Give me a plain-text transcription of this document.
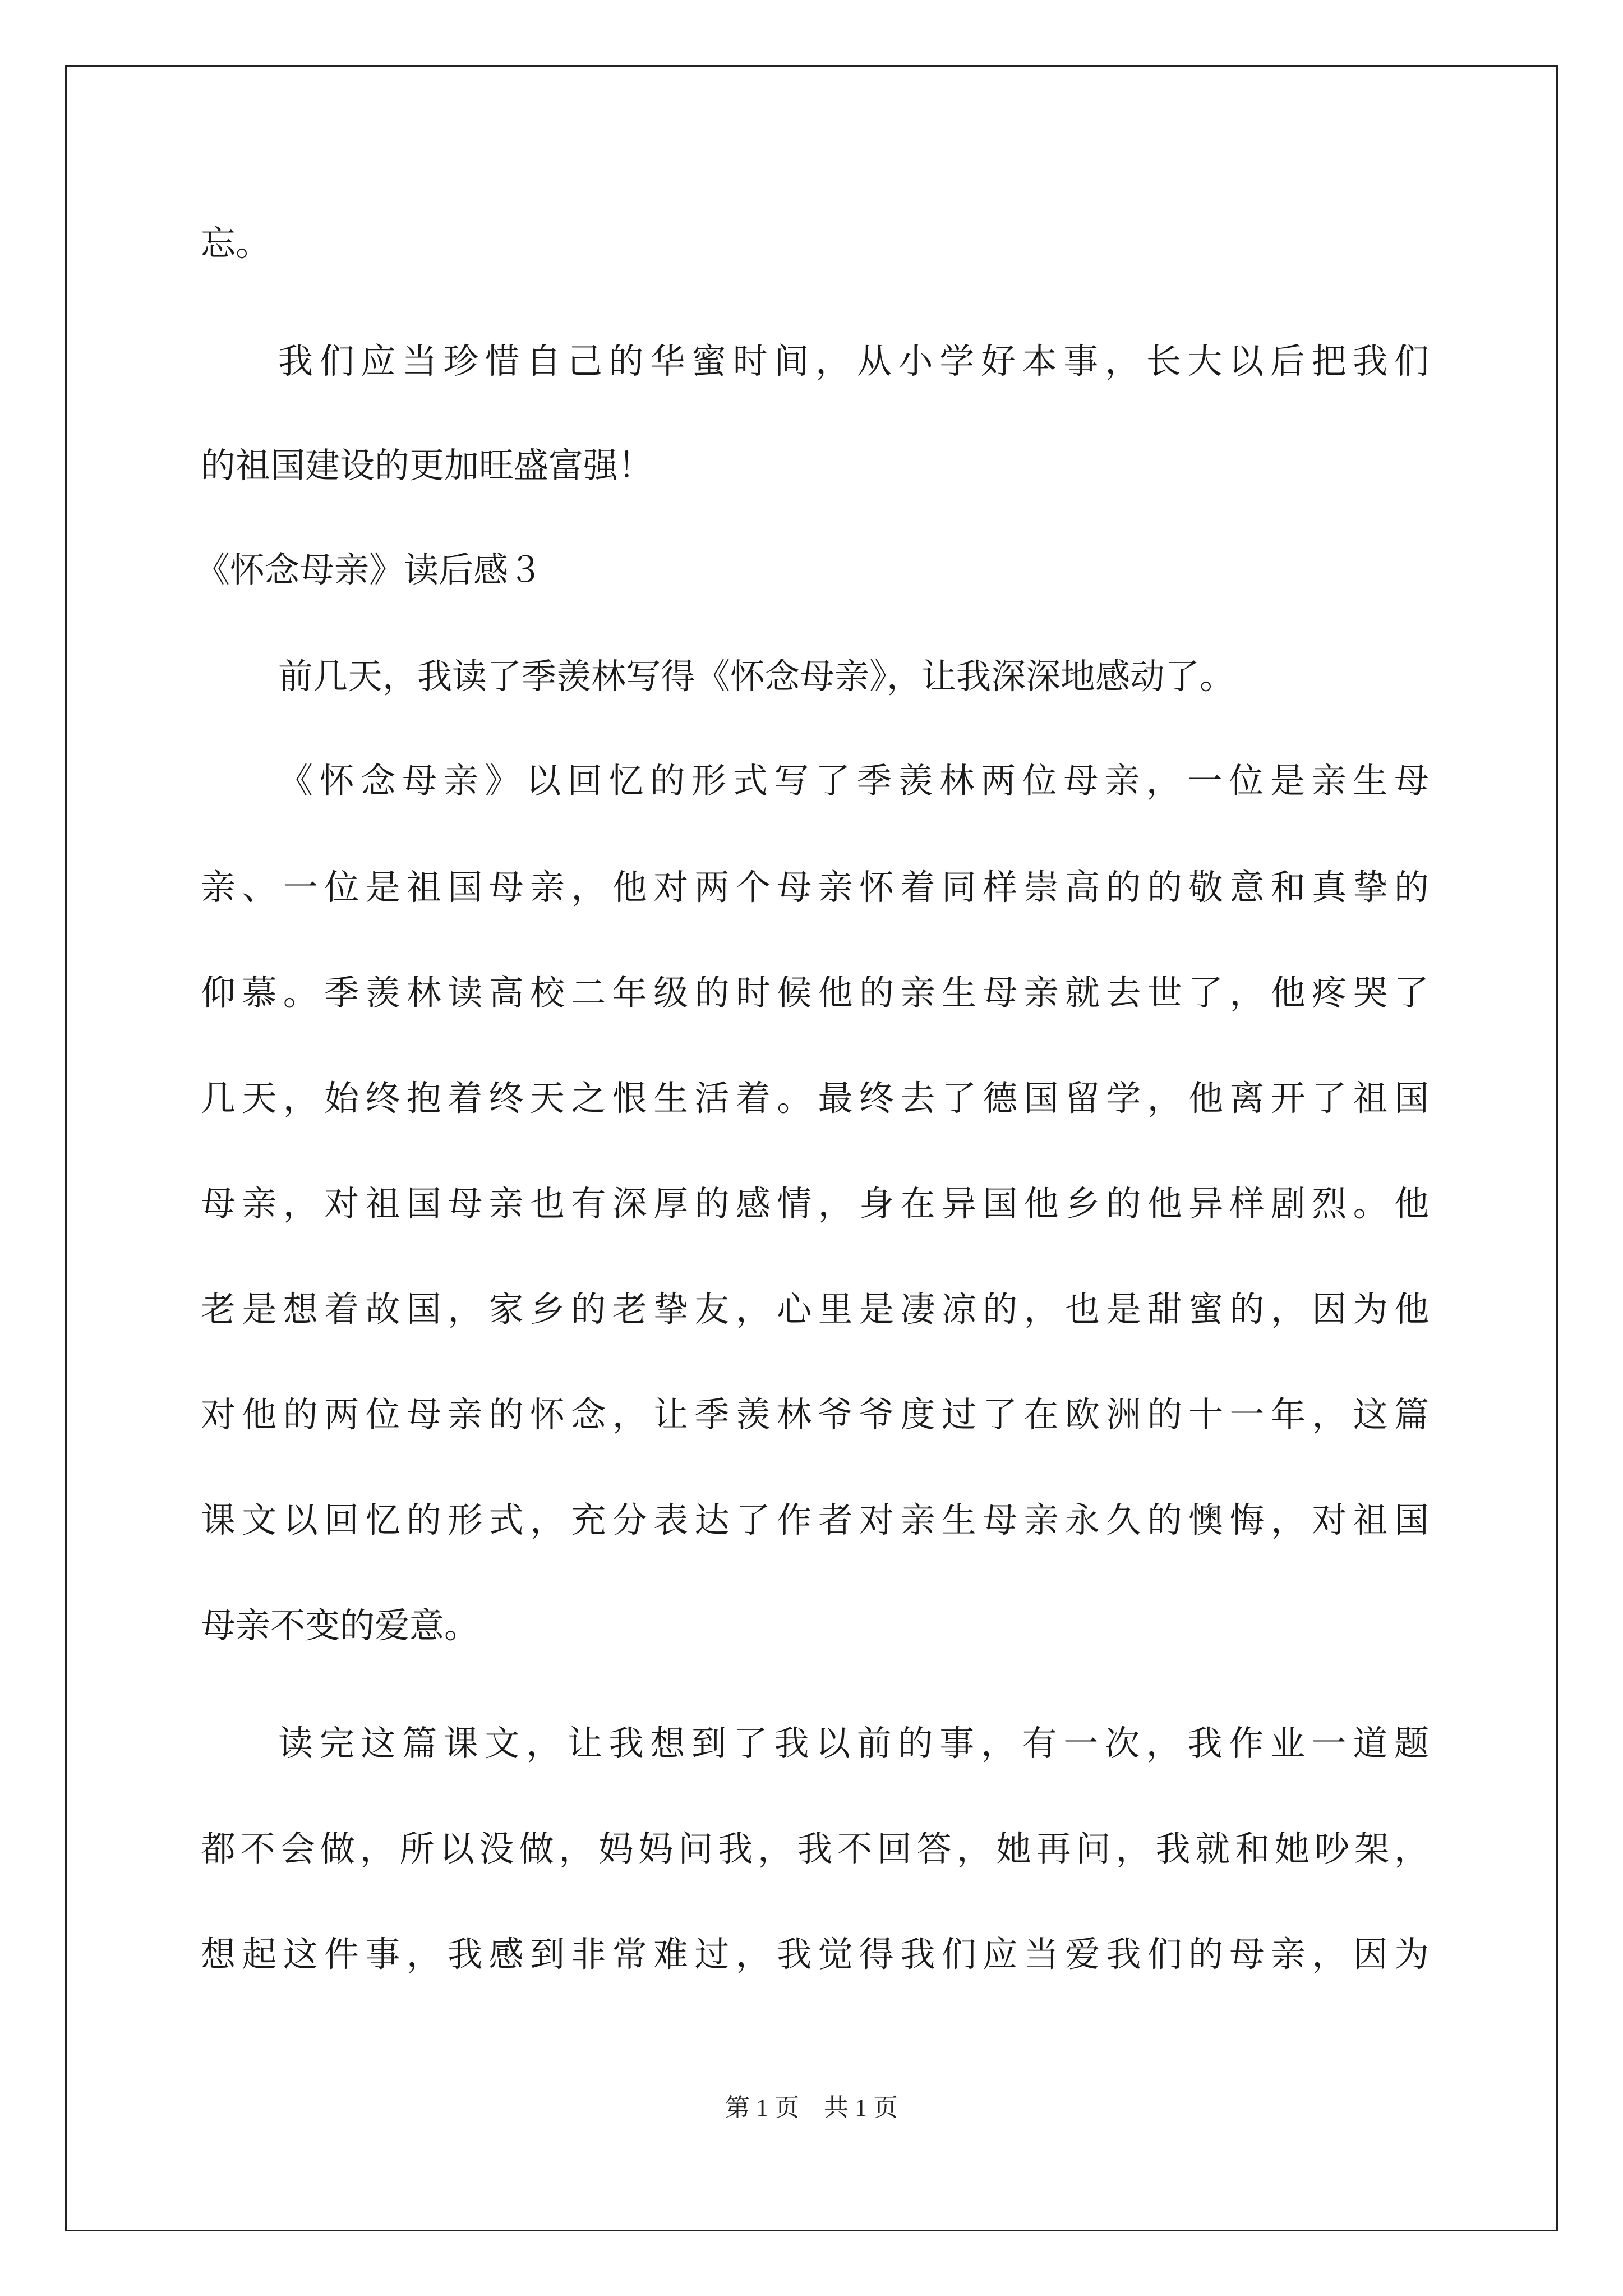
忘。
我们应当珍惜自己的华蜜时间，从小学好本事，长大以后把我们
的祖国建设的更加旺盛富强！
《怀念母亲》读后感３
前几天，我读了季羡林写得《怀念母亲》，让我深深地感动了。
《怀念母亲》以回忆的形式写了季羡林两位母亲，一位是亲生母
亲、一位是祖国母亲，他对两个母亲怀着同样崇高的的敬意和真挚的
仰慕。季羡林读高校二年级的时候他的亲生母亲就去世了，他疼哭了
几天，始终抱着终天之恨生活着。最终去了德国留学，他离开了祖国
母亲，对祖国母亲也有深厚的感情，身在异国他乡的他异样剧烈。他
老是想着故国，家乡的老挚友，心里是凄凉的，也是甜蜜的，因为他
对他的两位母亲的怀念，让季羡林爷爷度过了在欧洲的十一年，这篇
课文以回忆的形式，充分表达了作者对亲生母亲永久的懊悔，对祖国
母亲不变的爱意。
读完这篇课文，让我想到了我以前的事，有一次，我作业一道题
都不会做，所以没做，妈妈问我，我不回答，她再问，我就和她吵架，
想起这件事，我感到非常难过，我觉得我们应当爱我们的母亲，因为
第 1 页 共 1 页
